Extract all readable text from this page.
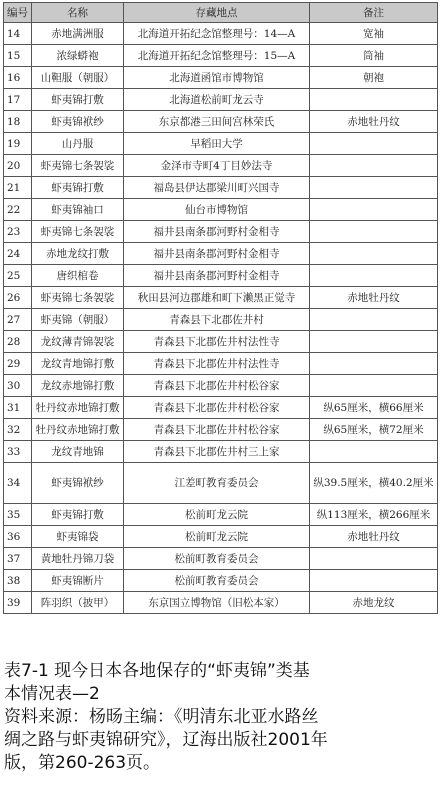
编号	名称	存藏地点	备注
14	赤地满洲服	北海道开拓纪念馆整理号：14—A	宽袖
15	浓绿蟒袍	北海道开拓纪念馆整理号：15—A	筒袖
16	山靼服（朝服）	北海道函馆市博物馆	朝袍
17	虾夷锦打敷	北海道松前町龙云寺	
18	虾夷锦袱纱	东京都港三田间宫林荣氏	赤地牡丹纹
19	山丹服	早稻田大学	
20	虾夷锦七条袈裟	金泽市寺町4丁目妙法寺	
21	虾夷锦打敷	福岛县伊达郡梁川町兴国寺	
22	虾夷锦袖口	仙台市博物馆	
23	虾夷锦七条袈裟	福井县南条郡河野村金相寺	
24	赤地龙纹打敷	福井县南条郡河野村金相寺	
25	唐织棺卷	福井县南条郡河野村金相寺	
26	虾夷锦七条袈裟	秋田县河边郡雄和町下濑黑正觉寺	赤地牡丹纹
27	虾夷锦（朝服）	青森县下北郡佐井村	
28	龙纹薄青锦袈裟	青森县下北郡佐井村法性寺	
29	龙纹青地锦打敷	青森县下北郡佐井村法性寺	
30	龙纹赤地锦打敷	青森县下北郡佐井村松谷家	
31	牡丹纹赤地锦打敷	青森县下北郡佐井村松谷家	纵65厘米，横66厘米
32	牡丹纹赤地锦打敷	青森县下北郡佐井村松谷家	纵65厘米，横72厘米
33	龙纹青地锦	青森县下北郡佐井村三上家	
34	虾夷锦袱纱	江差町教育委员会	纵39.5厘米，横40.2厘米
35	虾夷锦打敷	松前町龙云院	纵113厘米，横266厘米
36	虾夷锦袋	松前町龙云院	赤地牡丹纹
37	黄地牡丹锦刀袋	松前町教育委员会	
38	虾夷锦断片	松前町教育委员会	
39	阵羽织（披甲）	东京国立博物馆（旧松本家）	赤地龙纹

表7-1 现今日本各地保存的“虾夷锦”类基

本情况表—2

资料来源：杨旸主编：《明清东北亚水路丝

绸之路与虾夷锦研究》，辽海出版社2001年

版，第260-263页。
